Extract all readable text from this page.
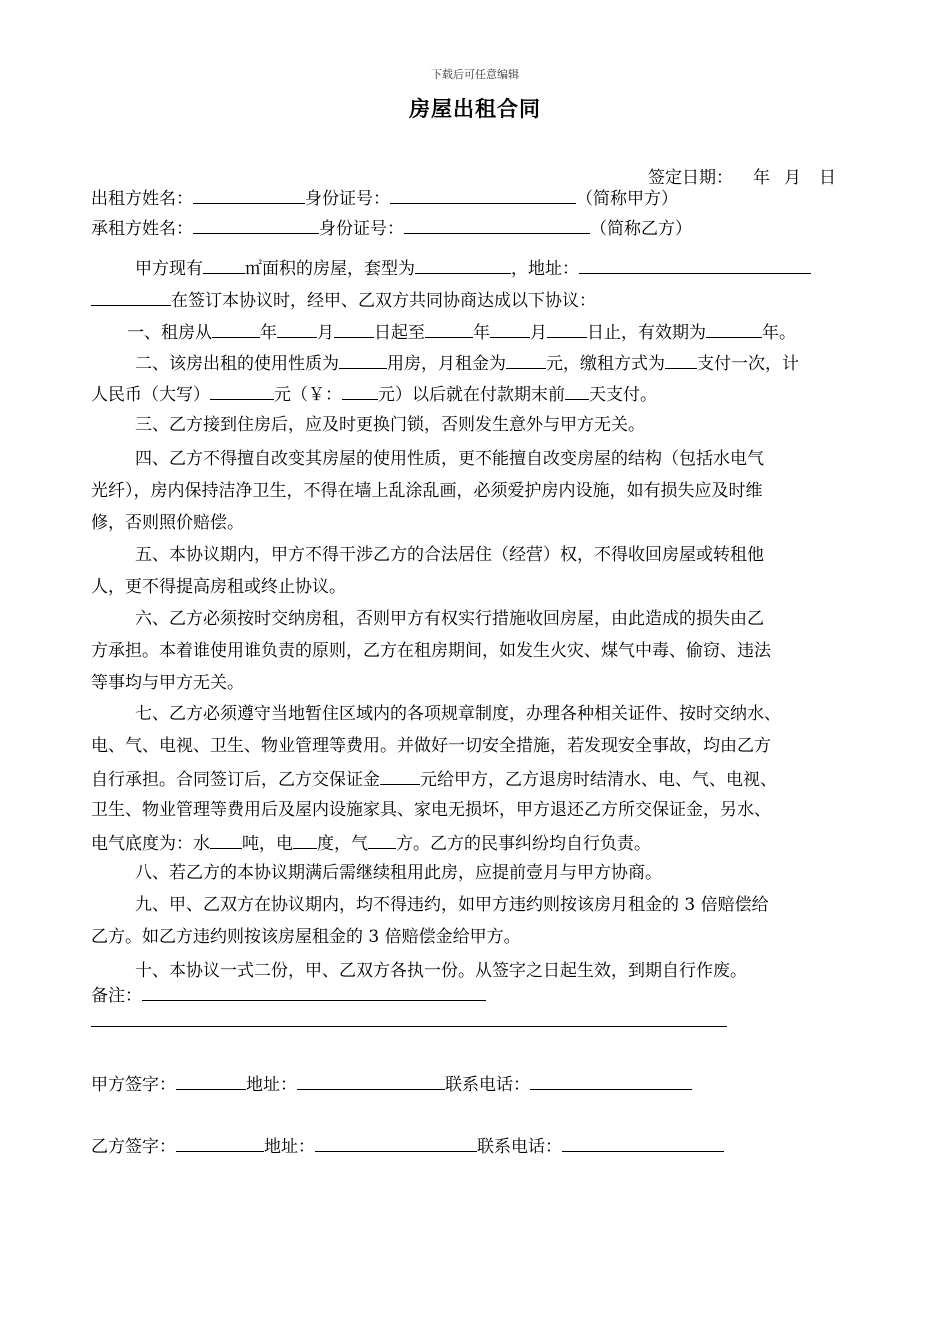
下载后可任意编辑
房屋出租合同
签定日期： 年 月 日
出租方姓名：	身份证号：	（简称甲方）
承租方姓名：	身份证号：	（简称乙方）
甲方现有 ㎡面积的房屋，套型为	，地址：
在签订本协议时，经甲、乙双方共同协商达成以下协议：
一、租房从	年 月 日起至	年 月 日止，有效期为	年。
二、该房出租的使用性质为	用房，月租金为 元，缴租方式为 支付一次，计
人民币（大写）	元（￥： 元）以后就在付款期末前 天支付。
三、乙方接到住房后，应及时更换门锁，否则发生意外与甲方无关。
四、乙方不得擅自改变其房屋的使用性质，更不能擅自改变房屋的结构（包括水电气
光纤），房内保持洁净卫生，不得在墙上乱涂乱画，必须爱护房内设施，如有损失应及时维
修，否则照价赔偿。
五、本协议期内，甲方不得干涉乙方的合法居住（经营）权，不得收回房屋或转租他
人，更不得提高房租或终止协议。
六、乙方必须按时交纳房租，否则甲方有权实行措施收回房屋，由此造成的损失由乙
方承担。本着谁使用谁负责的原则，乙方在租房期间，如发生火灾、煤气中毒、偷窃、违法
等事均与甲方无关。
七、乙方必须遵守当地暂住区域内的各项规章制度，办理各种相关证件、按时交纳水、
电、气、电视、卫生、物业管理等费用。并做好一切安全措施，若发现安全事故，均由乙方
自行承担。合同签订后，乙方交保证金 元给甲方，乙方退房时结清水、电、气、电视、
卫生、物业管理等费用后及屋内设施家具、家电无损坏，甲方退还乙方所交保证金，另水、
电气底度为：水 吨，电 度，气 方。乙方的民事纠纷均自行负责。
八、若乙方的本协议期满后需继续租用此房，应提前壹月与甲方协商。
九、甲、乙双方在协议期内，均不得违约，如甲方违约则按该房月租金的 3 倍赔偿给
乙方。如乙方违约则按该房屋租金的 3 倍赔偿金给甲方。
十、本协议一式二份，甲、乙双方各执一份。从签字之日起生效，到期自行作废。
备注：
甲方签字：	地址：	联系电话：
乙方签字：	地址：	联系电话：
